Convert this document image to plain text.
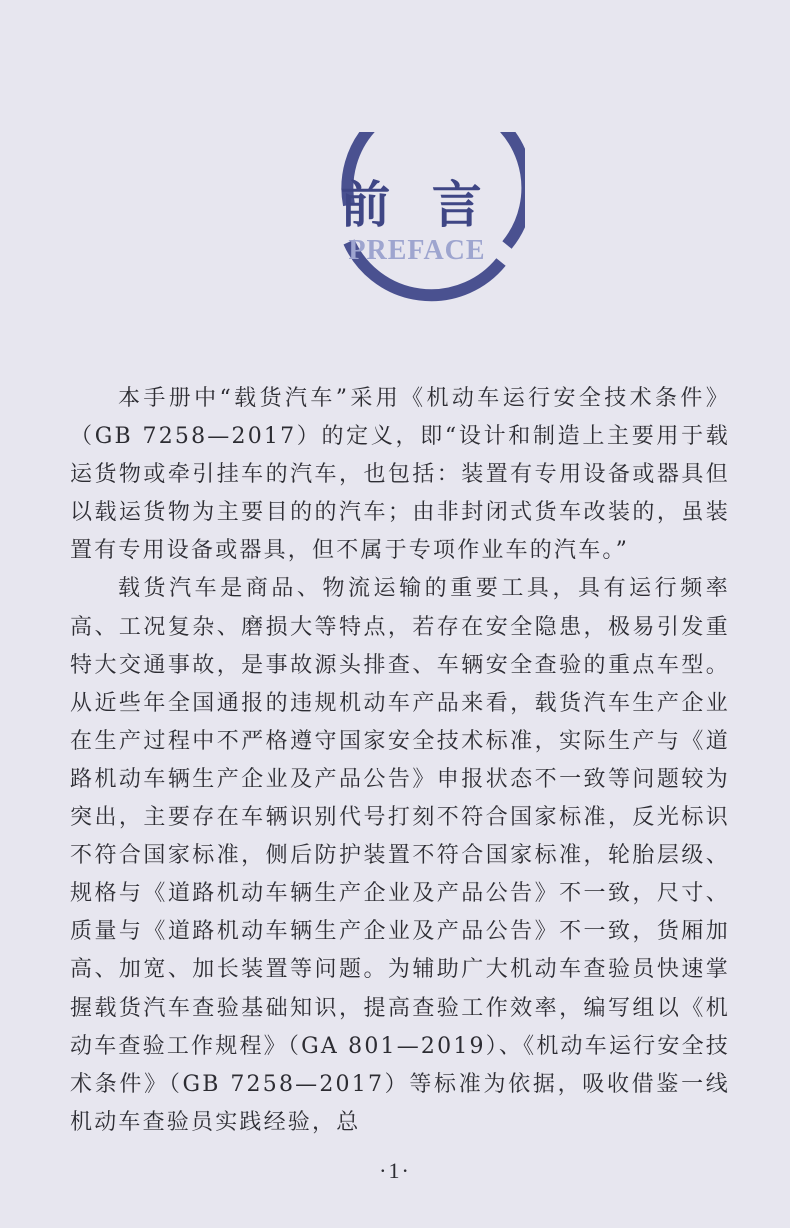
前 言
PREFACE

本手册中“载货汽车”采用《机动车运行安全技术条件》（GB 7258—2017）的定义，即“设计和制造上主要用于载运货物或牵引挂车的汽车，也包括：装置有专用设备或器具但以载运货物为主要目的的汽车；由非封闭式货车改装的，虽装置有专用设备或器具，但不属于专项作业车的汽车。”

载货汽车是商品、物流运输的重要工具，具有运行频率高、工况复杂、磨损大等特点，若存在安全隐患，极易引发重特大交通事故，是事故源头排查、车辆安全查验的重点车型。从近些年全国通报的违规机动车产品来看，载货汽车生产企业在生产过程中不严格遵守国家安全技术标准，实际生产与《道路机动车辆生产企业及产品公告》申报状态不一致等问题较为突出，主要存在车辆识别代号打刻不符合国家标准，反光标识不符合国家标准，侧后防护装置不符合国家标准，轮胎层级、规格与《道路机动车辆生产企业及产品公告》不一致，尺寸、质量与《道路机动车辆生产企业及产品公告》不一致，货厢加高、加宽、加长装置等问题。为辅助广大机动车查验员快速掌握载货汽车查验基础知识，提高查验工作效率，编写组以《机动车查验工作规程》（GA 801—2019）、《机动车运行安全技术条件》（GB 7258—2017）等标准为依据，吸收借鉴一线机动车查验员实践经验，总

·1·
